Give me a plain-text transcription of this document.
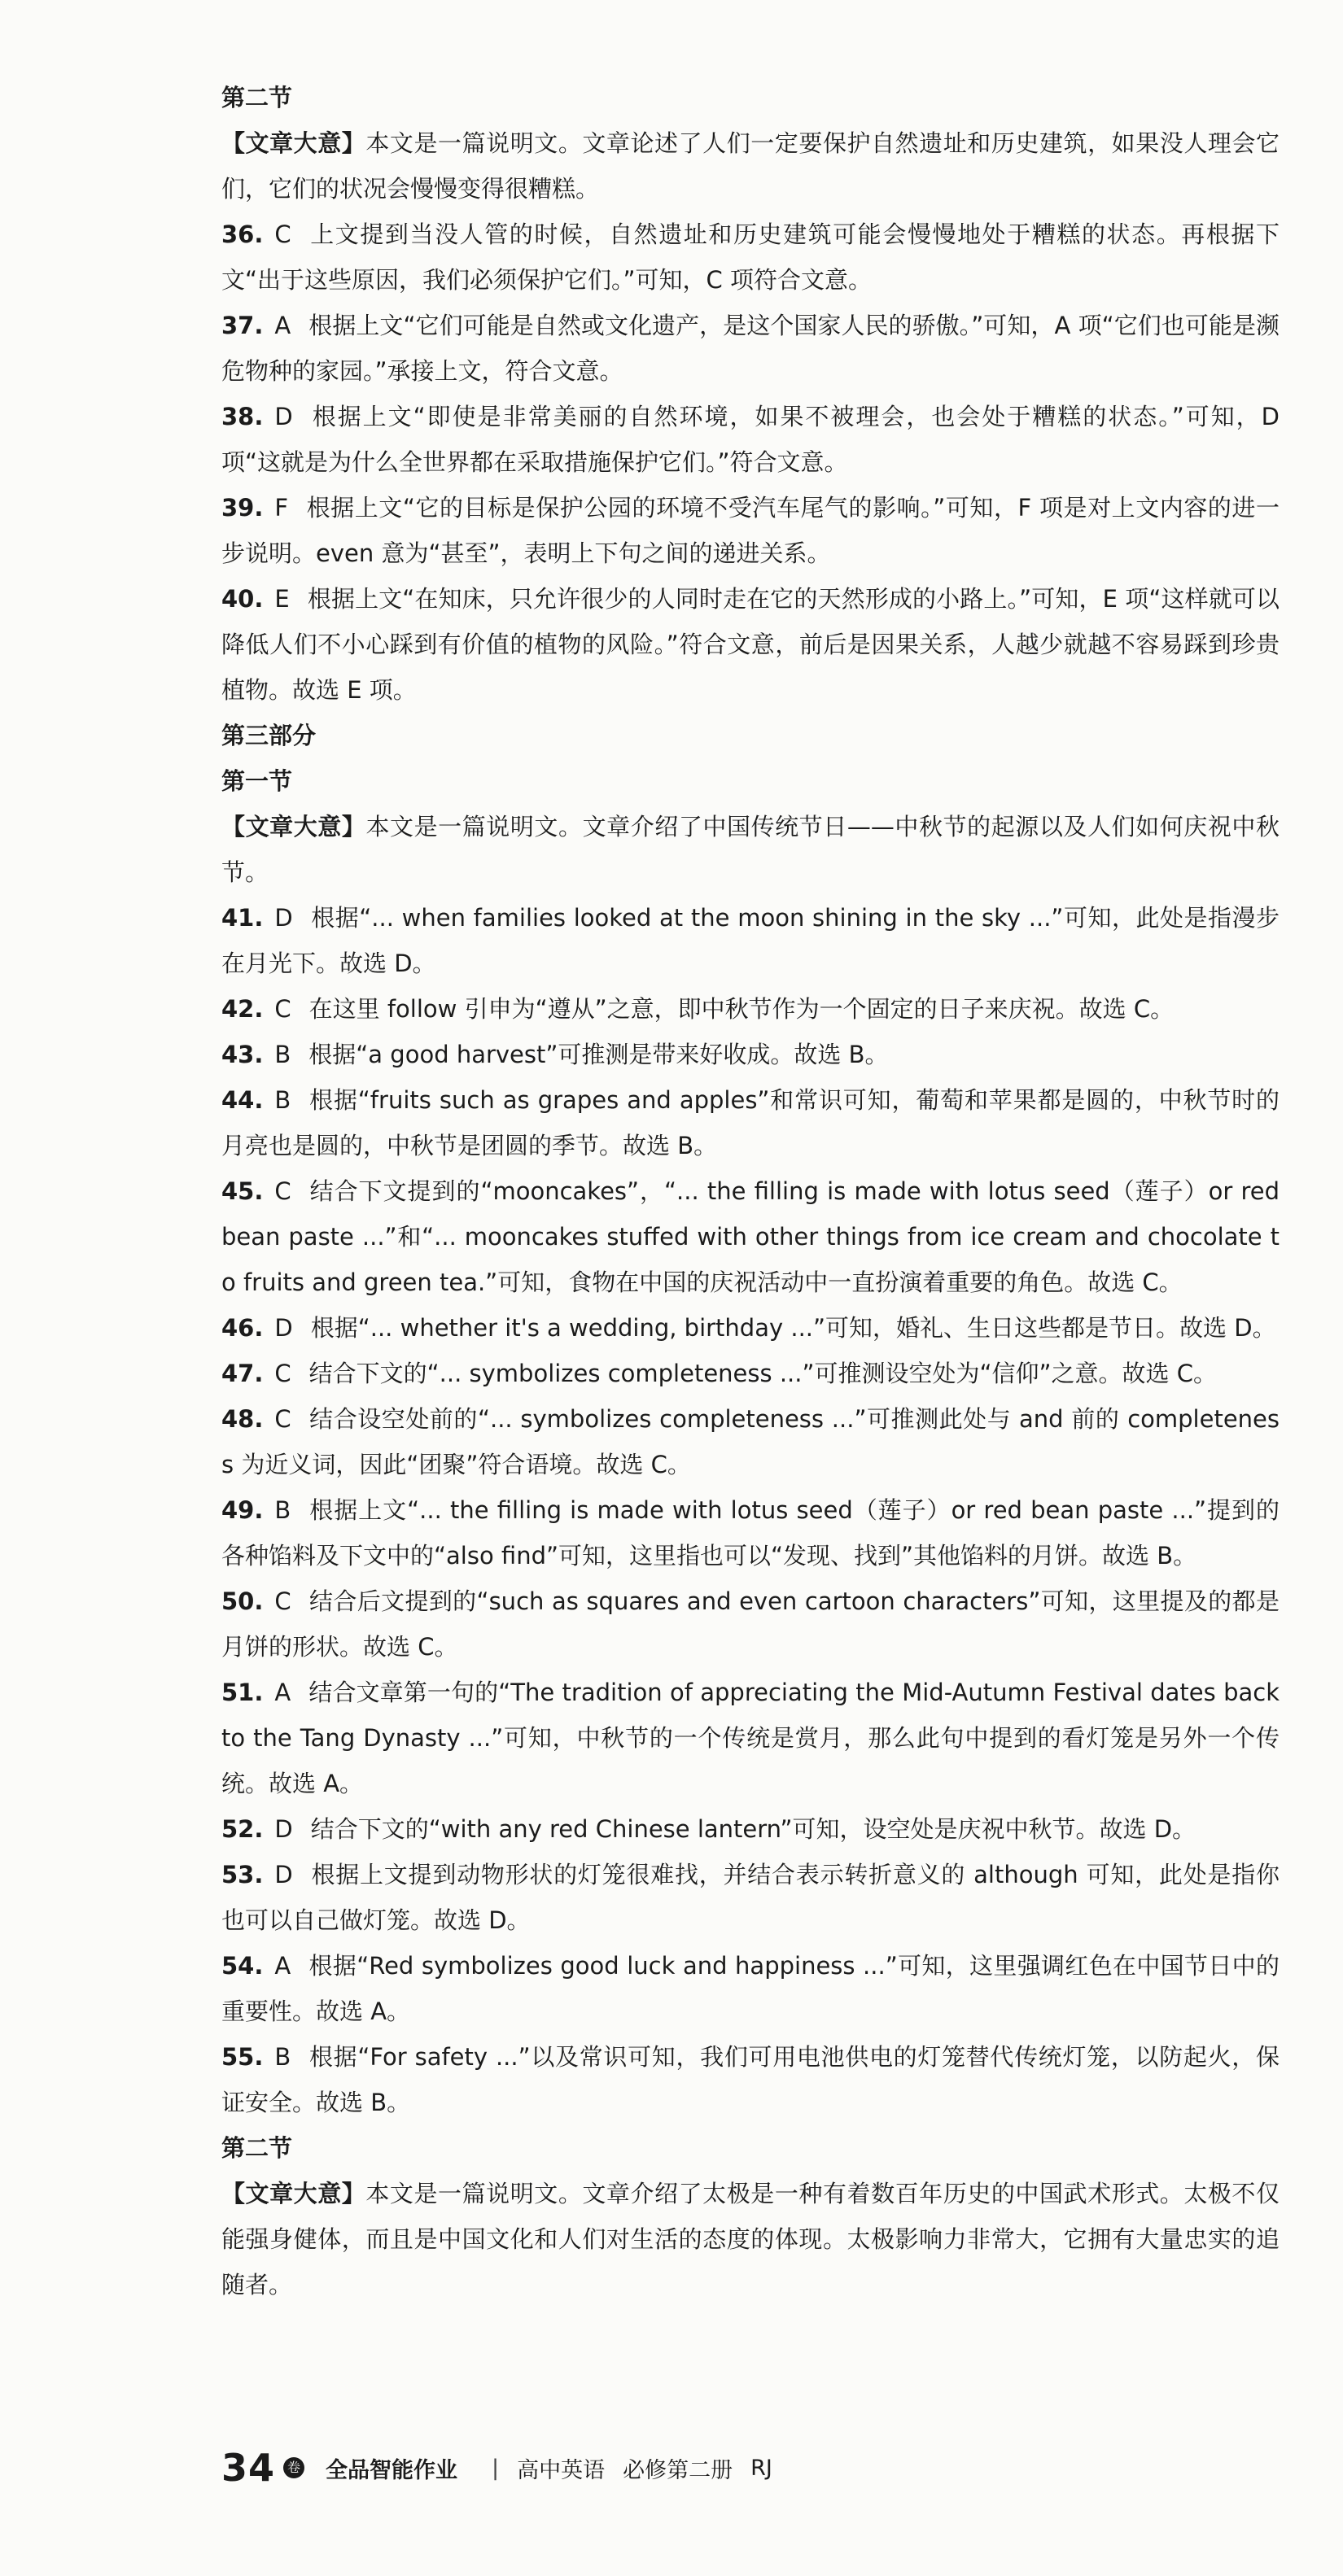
第二节
【文章大意】本文是一篇说明文。文章论述了人们一定要保护自然遗址和历史建筑，如果没人理会它们，它们的状况会慢慢变得很糟糕。
36. C 上文提到当没人管的时候，自然遗址和历史建筑可能会慢慢地处于糟糕的状态。再根据下文“出于这些原因，我们必须保护它们。”可知，C 项符合文意。
37. A 根据上文“它们可能是自然或文化遗产，是这个国家人民的骄傲。”可知，A 项“它们也可能是濒危物种的家园。”承接上文，符合文意。
38. D 根据上文“即使是非常美丽的自然环境，如果不被理会，也会处于糟糕的状态。”可知，D 项“这就是为什么全世界都在采取措施保护它们。”符合文意。
39. F 根据上文“它的目标是保护公园的环境不受汽车尾气的影响。”可知，F 项是对上文内容的进一步说明。even 意为“甚至”，表明上下句之间的递进关系。
40. E 根据上文“在知床，只允许很少的人同时走在它的天然形成的小路上。”可知，E 项“这样就可以降低人们不小心踩到有价值的植物的风险。”符合文意，前后是因果关系，人越少就越不容易踩到珍贵植物。故选 E 项。
第三部分
第一节
【文章大意】本文是一篇说明文。文章介绍了中国传统节日——中秋节的起源以及人们如何庆祝中秋节。
41. D 根据“... when families looked at the moon shining in the sky ...”可知，此处是指漫步在月光下。故选 D。
42. C 在这里 follow 引申为“遵从”之意，即中秋节作为一个固定的日子来庆祝。故选 C。
43. B 根据“a good harvest”可推测是带来好收成。故选 B。
44. B 根据“fruits such as grapes and apples”和常识可知，葡萄和苹果都是圆的，中秋节时的月亮也是圆的，中秋节是团圆的季节。故选 B。
45. C 结合下文提到的“mooncakes”，“... the filling is made with lotus seed（莲子）or red bean paste ...”和“... mooncakes stuffed with other things from ice cream and chocolate to fruits and green tea.”可知，食物在中国的庆祝活动中一直扮演着重要的角色。故选 C。
46. D 根据“... whether it's a wedding, birthday ...”可知，婚礼、生日这些都是节日。故选 D。
47. C 结合下文的“... symbolizes completeness ...”可推测设空处为“信仰”之意。故选 C。
48. C 结合设空处前的“... symbolizes completeness ...”可推测此处与 and 前的 completeness 为近义词，因此“团聚”符合语境。故选 C。
49. B 根据上文“... the filling is made with lotus seed（莲子）or red bean paste ...”提到的各种馅料及下文中的“also find”可知，这里指也可以“发现、找到”其他馅料的月饼。故选 B。
50. C 结合后文提到的“such as squares and even cartoon characters”可知，这里提及的都是月饼的形状。故选 C。
51. A 结合文章第一句的“The tradition of appreciating the Mid-Autumn Festival dates back to the Tang Dynasty ...”可知，中秋节的一个传统是赏月，那么此句中提到的看灯笼是另外一个传统。故选 A。
52. D 结合下文的“with any red Chinese lantern”可知，设空处是庆祝中秋节。故选 D。
53. D 根据上文提到动物形状的灯笼很难找，并结合表示转折意义的 although 可知，此处是指你也可以自己做灯笼。故选 D。
54. A 根据“Red symbolizes good luck and happiness ...”可知，这里强调红色在中国节日中的重要性。故选 A。
55. B 根据“For safety ...”以及常识可知，我们可用电池供电的灯笼替代传统灯笼，以防起火，保证安全。故选 B。
第二节
【文章大意】本文是一篇说明文。文章介绍了太极是一种有着数百年历史的中国武术形式。太极不仅能强身健体，而且是中国文化和人们对生活的态度的体现。太极影响力非常大，它拥有大量忠实的追随者。
34 卷 全品智能作业 | 高中英语 必修第二册 RJ
